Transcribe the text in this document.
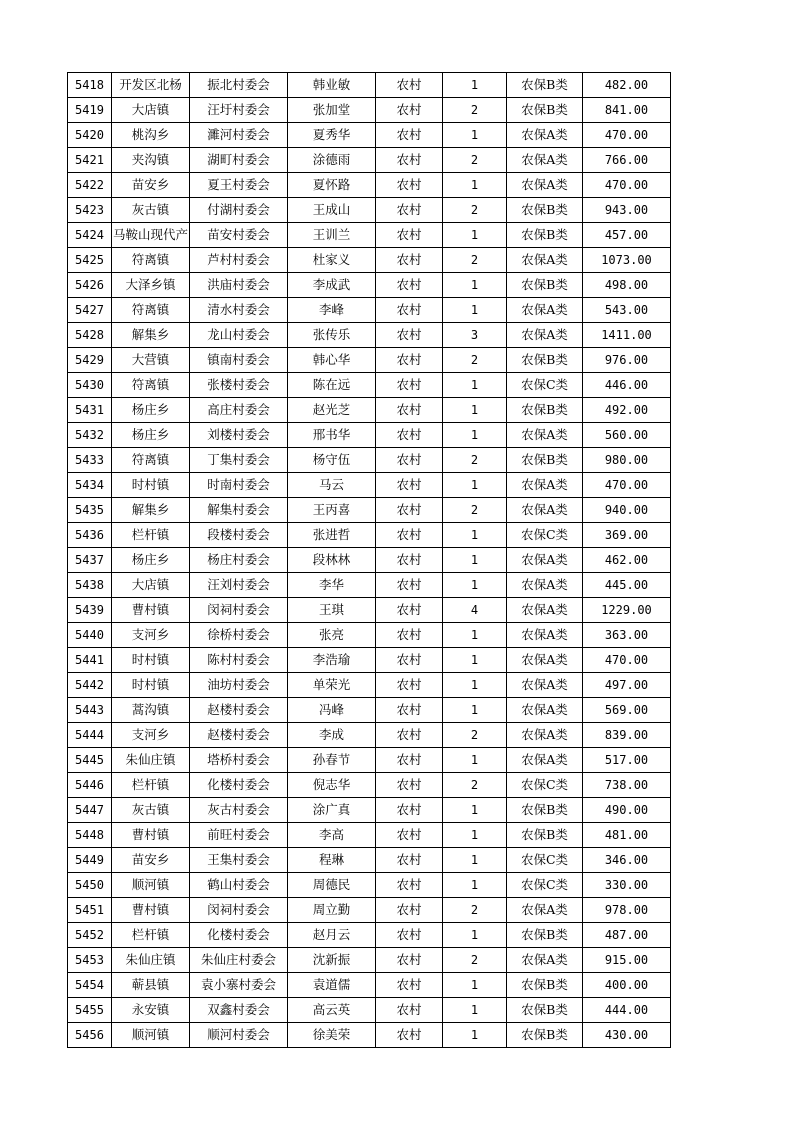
5418	开发区北杨	振北村委会	韩业敏	农村	1	农保B类	482.00
5419	大店镇	汪圩村委会	张加堂	农村	2	农保B类	841.00
5420	桃沟乡	濉河村委会	夏秀华	农村	1	农保A类	470.00
5421	夹沟镇	湖町村委会	涂德雨	农村	2	农保A类	766.00
5422	苗安乡	夏王村委会	夏怀路	农村	1	农保A类	470.00
5423	灰古镇	付湖村委会	王成山	农村	2	农保B类	943.00
5424	马鞍山现代产	苗安村委会	王训兰	农村	1	农保B类	457.00
5425	符离镇	芦村村委会	杜家义	农村	2	农保A类	1073.00
5426	大泽乡镇	洪庙村委会	李成武	农村	1	农保B类	498.00
5427	符离镇	清水村委会	李峰	农村	1	农保A类	543.00
5428	解集乡	龙山村委会	张传乐	农村	3	农保A类	1411.00
5429	大营镇	镇南村委会	韩心华	农村	2	农保B类	976.00
5430	符离镇	张楼村委会	陈在远	农村	1	农保C类	446.00
5431	杨庄乡	高庄村委会	赵光芝	农村	1	农保B类	492.00
5432	杨庄乡	刘楼村委会	邢书华	农村	1	农保A类	560.00
5433	符离镇	丁集村委会	杨守伍	农村	2	农保B类	980.00
5434	时村镇	时南村委会	马云	农村	1	农保A类	470.00
5435	解集乡	解集村委会	王丙喜	农村	2	农保A类	940.00
5436	栏杆镇	段楼村委会	张进哲	农村	1	农保C类	369.00
5437	杨庄乡	杨庄村委会	段林林	农村	1	农保A类	462.00
5438	大店镇	汪刘村委会	李华	农村	1	农保A类	445.00
5439	曹村镇	闵祠村委会	王琪	农村	4	农保A类	1229.00
5440	支河乡	徐桥村委会	张亮	农村	1	农保A类	363.00
5441	时村镇	陈村村委会	李浩瑜	农村	1	农保A类	470.00
5442	时村镇	油坊村委会	单荣光	农村	1	农保A类	497.00
5443	蒿沟镇	赵楼村委会	冯峰	农村	1	农保A类	569.00
5444	支河乡	赵楼村委会	李成	农村	2	农保A类	839.00
5445	朱仙庄镇	塔桥村委会	孙春节	农村	1	农保A类	517.00
5446	栏杆镇	化楼村委会	倪志华	农村	2	农保C类	738.00
5447	灰古镇	灰古村委会	涂广真	农村	1	农保B类	490.00
5448	曹村镇	前旺村委会	李高	农村	1	农保B类	481.00
5449	苗安乡	王集村委会	程琳	农村	1	农保C类	346.00
5450	顺河镇	鹤山村委会	周德民	农村	1	农保C类	330.00
5451	曹村镇	闵祠村委会	周立勤	农村	2	农保A类	978.00
5452	栏杆镇	化楼村委会	赵月云	农村	1	农保B类	487.00
5453	朱仙庄镇	朱仙庄村委会	沈新振	农村	2	农保A类	915.00
5454	蕲县镇	袁小寨村委会	袁道儒	农村	1	农保B类	400.00
5455	永安镇	双鑫村委会	高云英	农村	1	农保B类	444.00
5456	顺河镇	顺河村委会	徐美荣	农村	1	农保B类	430.00
